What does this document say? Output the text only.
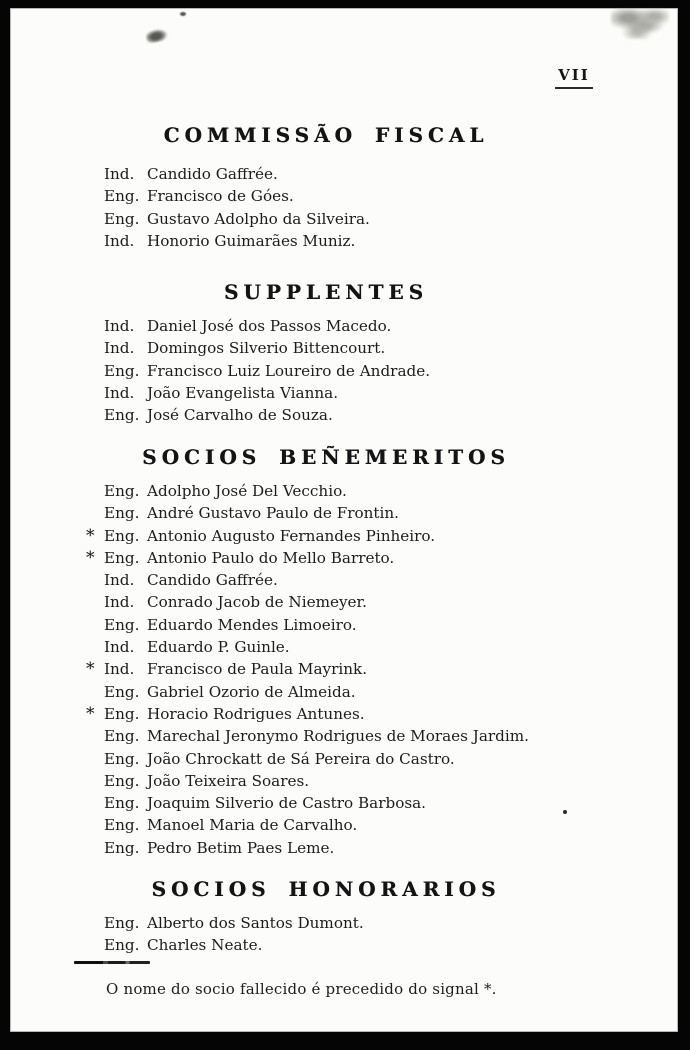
VII
COMMISSÃO FISCAL
Ind. Candido Gaffrée.
Eng. Francisco de Góes.
Eng. Gustavo Adolpho da Silveira.
Ind. Honorio Guimarães Muniz.
SUPPLENTES
Ind. Daniel José dos Passos Macedo.
Ind. Domingos Silverio Bittencourt.
Eng. Francisco Luiz Loureiro de Andrade.
Ind. João Evangelista Vianna.
Eng. José Carvalho de Souza.
SOCIOS BEÑEMERITOS
Eng. Adolpho José Del Vecchio.
Eng. André Gustavo Paulo de Frontin.
* Eng. Antonio Augusto Fernandes Pinheiro.
* Eng. Antonio Paulo do Mello Barreto.
Ind. Candido Gaffrée.
Ind. Conrado Jacob de Niemeyer.
Eng. Eduardo Mendes Limoeiro.
Ind. Eduardo P. Guinle.
* Ind. Francisco de Paula Mayrink.
Eng. Gabriel Ozorio de Almeida.
* Eng. Horacio Rodrigues Antunes.
Eng. Marechal Jeronymo Rodrigues de Moraes Jardim.
Eng. João Chrockatt de Sá Pereira do Castro.
Eng. João Teixeira Soares.
Eng. Joaquim Silverio de Castro Barbosa.
Eng. Manoel Maria de Carvalho.
Eng. Pedro Betim Paes Leme.
SOCIOS HONORARIOS
Eng. Alberto dos Santos Dumont.
Eng. Charles Neate.
O nome do socio fallecido é precedido do signal *.
